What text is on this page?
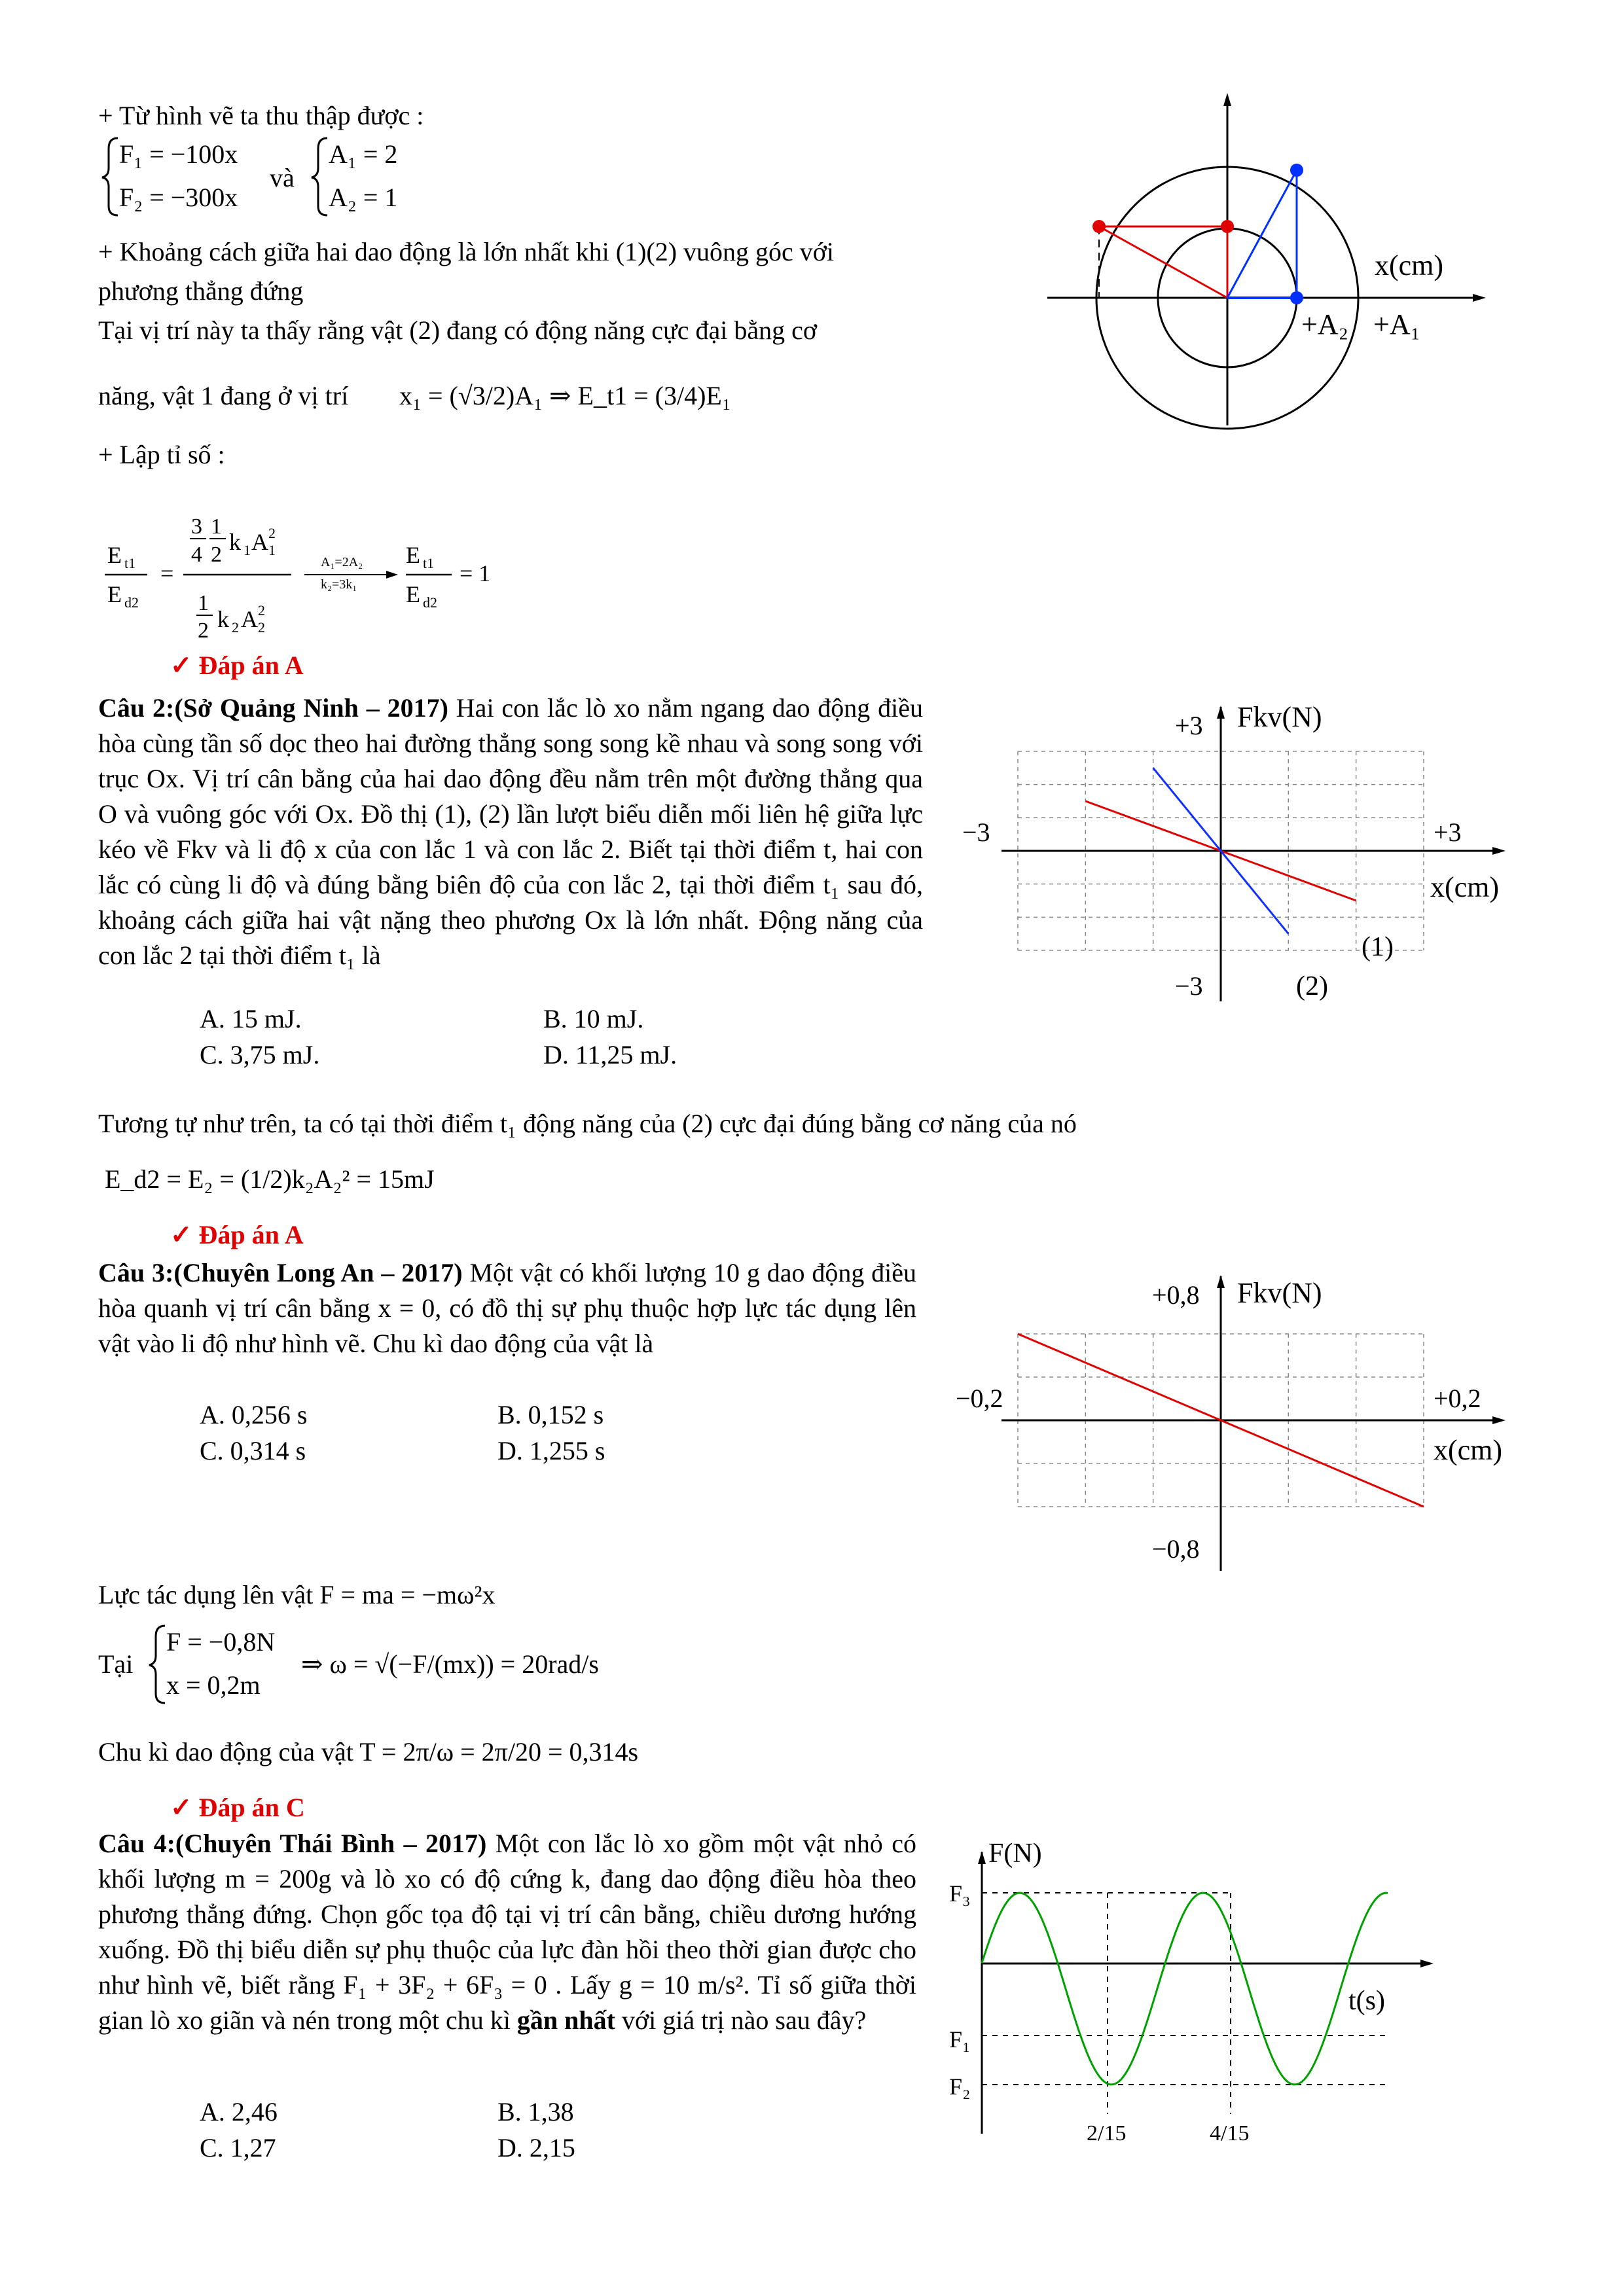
+ Từ hình vẽ ta thu thập được :
F₁ = −100x
F₂ = −300x
và
A₁ = 2
A₂ = 1
+ Khoảng cách giữa hai dao động là lớn nhất khi (1)(2) vuông góc với
phương thẳng đứng
Tại vị trí này ta thấy rằng vật (2) đang có động năng cực đại bằng cơ
năng, vật 1 đang ở vị trí x₁ = (√3/2)A₁ ⇒ E_t1 = (3/4)E₁
+ Lập tỉ số :
E t1
E d2
=
3 1
4 2 k 1 A 1
2
1
2 k 2 A 2
2
E t1
E d2
= 1
A₁=2A₂
k₂=3k₁
✓ Đáp án A
x(cm)
+A₂ +A₁
Câu 2:(Sở Quảng Ninh – 2017) Hai con lắc lò xo nằm ngang dao động điều hòa cùng tần số dọc theo hai đường thẳng song song kề nhau và song song với trục Ox. Vị trí cân bằng của hai dao động đều nằm trên một đường thẳng qua O và vuông góc với Ox. Đồ thị (1), (2) lần lượt biểu diễn mối liên hệ giữa lực kéo về Fkv và li độ x của con lắc 1 và con lắc 2. Biết tại thời điểm t, hai con lắc có cùng li độ và đúng bằng biên độ của con lắc 2, tại thời điểm t₁ sau đó, khoảng cách giữa hai vật nặng theo phương Ox là lớn nhất. Động năng của con lắc 2 tại thời điểm t₁ là
A. 15 mJ.	B. 10 mJ.
C. 3,75 mJ.	D. 11,25 mJ.
+3
−3
−3	+3
Fkv(N)
x(cm)
(1)
(2)
Tương tự như trên, ta có tại thời điểm t₁ động năng của (2) cực đại đúng bằng cơ năng của nó
E_d2 = E₂ = (1/2)k₂A₂² = 15mJ
✓ Đáp án A
Câu 3:(Chuyên Long An – 2017) Một vật có khối lượng 10 g dao động điều hòa quanh vị trí cân bằng x = 0, có đồ thị sự phụ thuộc hợp lực tác dụng lên vật vào li độ như hình vẽ. Chu kì dao động của vật là
A. 0,256 s	B. 0,152 s
C. 0,314 s	D. 1,255 s
+0,8
−0,8
−0,2	+0,2
Fkv(N)
x(cm)
Lực tác dụng lên vật F = ma = −mω²x
Tại
F = −0,8N
x = 0,2m
⇒ ω = √(−F/(mx)) = 20rad/s
Chu kì dao động của vật T = 2π/ω = 2π/20 = 0,314s
✓ Đáp án C
Câu 4:(Chuyên Thái Bình – 2017) Một con lắc lò xo gồm một vật nhỏ có khối lượng m = 200g và lò xo có độ cứng k, đang dao động điều hòa theo phương thẳng đứng. Chọn gốc tọa độ tại vị trí cân bằng, chiều dương hướng xuống. Đồ thị biểu diễn sự phụ thuộc của lực đàn hồi theo thời gian được cho như hình vẽ, biết rằng F₁ + 3F₂ + 6F₃ = 0 . Lấy g = 10 m/s². Tỉ số giữa thời gian lò xo giãn và nén trong một chu kì gần nhất với giá trị nào sau đây?
A. 2,46	B. 1,38
C. 1,27	D. 2,15
F(N)
t(s)
F₃
F₁
F₂
2/15	4/15
